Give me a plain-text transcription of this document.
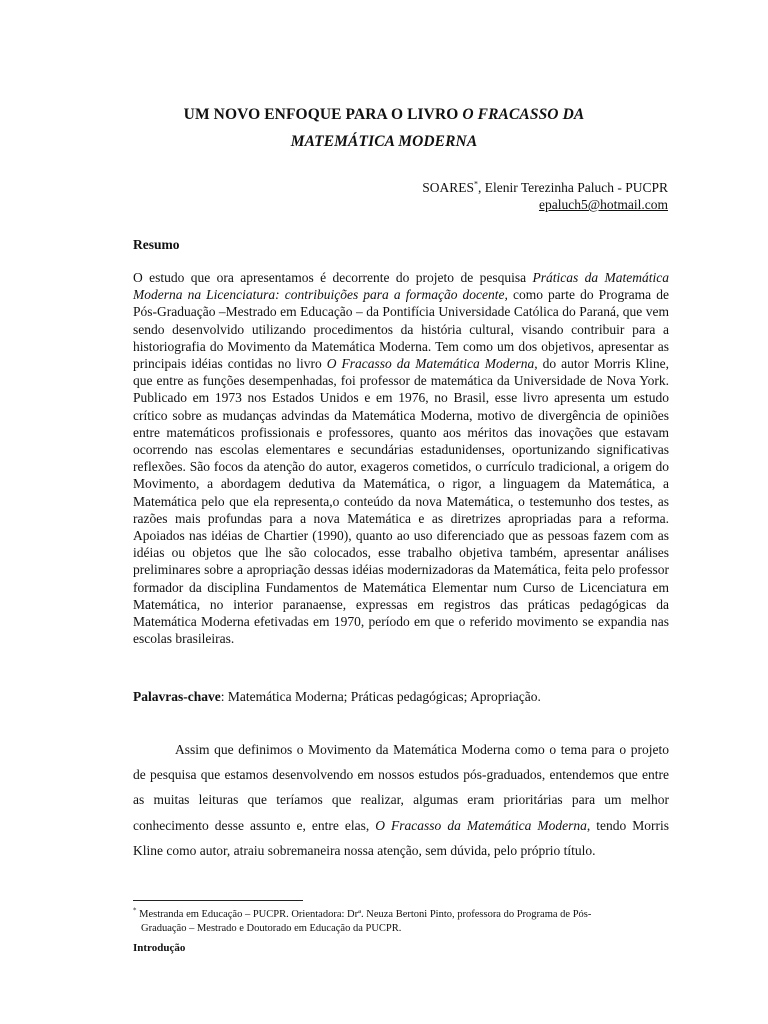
UM NOVO ENFOQUE PARA O LIVRO O FRACASSO DA
MATEMÁTICA MODERNA
SOARES*, Elenir Terezinha Paluch - PUCPR
epaluch5@hotmail.com
Resumo

O estudo que ora apresentamos é decorrente do projeto de pesquisa Práticas da Matemática Moderna na Licenciatura: contribuições para a formação docente, como parte do Programa de Pós-Graduação –Mestrado em Educação – da Pontifícia Universidade Católica do Paraná, que vem sendo desenvolvido utilizando procedimentos da história cultural, visando contribuir para a historiografia do Movimento da Matemática Moderna. Tem como um dos objetivos, apresentar as principais idéias contidas no livro O Fracasso da Matemática Moderna, do autor Morris Kline, que entre as funções desempenhadas, foi professor de matemática da Universidade de Nova York. Publicado em 1973 nos Estados Unidos e em 1976, no Brasil, esse livro apresenta um estudo crítico sobre as mudanças advindas da Matemática Moderna, motivo de divergência de opiniões entre matemáticos profissionais e professores, quanto aos méritos das inovações que estavam ocorrendo nas escolas elementares e secundárias estadunidenses, oportunizando significativas reflexões. São focos da atenção do autor, exageros cometidos, o currículo tradicional, a origem do Movimento, a abordagem dedutiva da Matemática, o rigor, a linguagem da Matemática, a Matemática pelo que ela representa,o conteúdo da nova Matemática, o testemunho dos testes, as razões mais profundas para a nova Matemática e as diretrizes apropriadas para a reforma. Apoiados nas idéias de Chartier (1990), quanto ao uso diferenciado que as pessoas fazem com as idéias ou objetos que lhe são colocados, esse trabalho objetiva também, apresentar análises preliminares sobre a apropriação dessas idéias modernizadoras da Matemática, feita pelo professor formador da disciplina Fundamentos de Matemática Elementar num Curso de Licenciatura em Matemática, no interior paranaense, expressas em registros das práticas pedagógicas da Matemática Moderna efetivadas em 1970, período em que o referido movimento se expandia nas escolas brasileiras.

Palavras-chave: Matemática Moderna; Práticas pedagógicas; Apropriação.

Assim que definimos o Movimento da Matemática Moderna como o tema para o projeto de pesquisa que estamos desenvolvendo em nossos estudos pós-graduados, entendemos que entre as muitas leituras que teríamos que realizar, algumas eram prioritárias para um melhor conhecimento desse assunto e, entre elas, O Fracasso da Matemática Moderna, tendo Morris Kline como autor, atraiu sobremaneira nossa atenção, sem dúvida, pelo próprio título.

* Mestranda em Educação – PUCPR. Orientadora: Drª. Neuza Bertoni Pinto, professora do Programa de Pós-
Graduação – Mestrado e Doutorado em Educação da PUCPR.

Introdução
